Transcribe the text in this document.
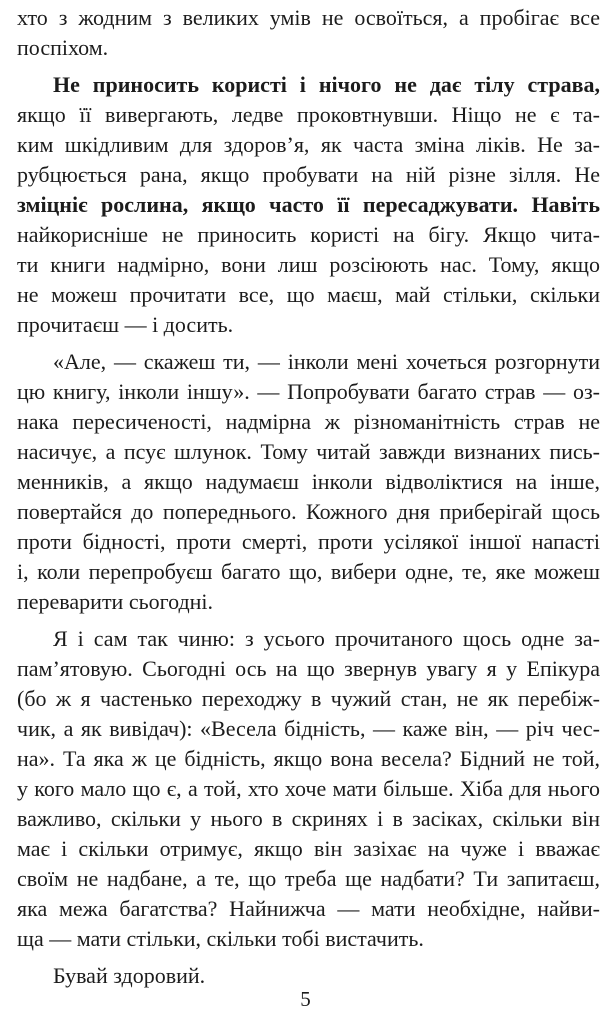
хто з жодним з великих умів не освоїться, а пробігає все
поспіхом.
Не приносить користі і нічого не дає тілу страва,
якщо її вивергають, ледве проковтнувши. Ніщо не є та-
ким шкідливим для здоров’я, як часта зміна ліків. Не за-
рубцюється рана, якщо пробувати на ній різне зілля. Не
зміцніє рослина, якщо часто її пересаджувати. Навіть
найкорисніше не приносить користі на бігу. Якщо чита-
ти книги надмірно, вони лиш розсіюють нас. Тому, якщо
не можеш прочитати все, що маєш, май стільки, скільки
прочитаєш — і досить.
«Але, — скажеш ти, — інколи мені хочеться розгорнути
цю книгу, інколи іншу». — Попробувати багато страв — оз-
нака пересиченості, надмірна ж різноманітність страв не
насичує, а псує шлунок. Тому читай завжди визнаних пись-
менників, а якщо надумаєш інколи відволіктися на інше,
повертайся до попереднього. Кожного дня приберігай щось
проти бідності, проти смерті, проти усілякої іншої напасті
і, коли перепробуєш багато що, вибери одне, те, яке можеш
переварити сьогодні.
Я і сам так чиню: з усього прочитаного щось одне за-
пам’ятовую. Сьогодні ось на що звернув увагу я у Епікура
(бо ж я частенько переходжу в чужий стан, не як перебіж-
чик, а як вивідач): «Весела бідність, — каже він, — річ чес-
на». Та яка ж це бідність, якщо вона весела? Бідний не той,
у кого мало що є, а той, хто хоче мати більше. Хіба для нього
важливо, скільки у нього в скринях і в засіках, скільки він
має і скільки отримує, якщо він зазіхає на чуже і вважає
своїм не надбане, а те, що треба ще надбати? Ти запитаєш,
яка межа багатства? Найнижча — мати необхідне, найви-
ща — мати стільки, скільки тобі вистачить.
Бувай здоровий.
5
